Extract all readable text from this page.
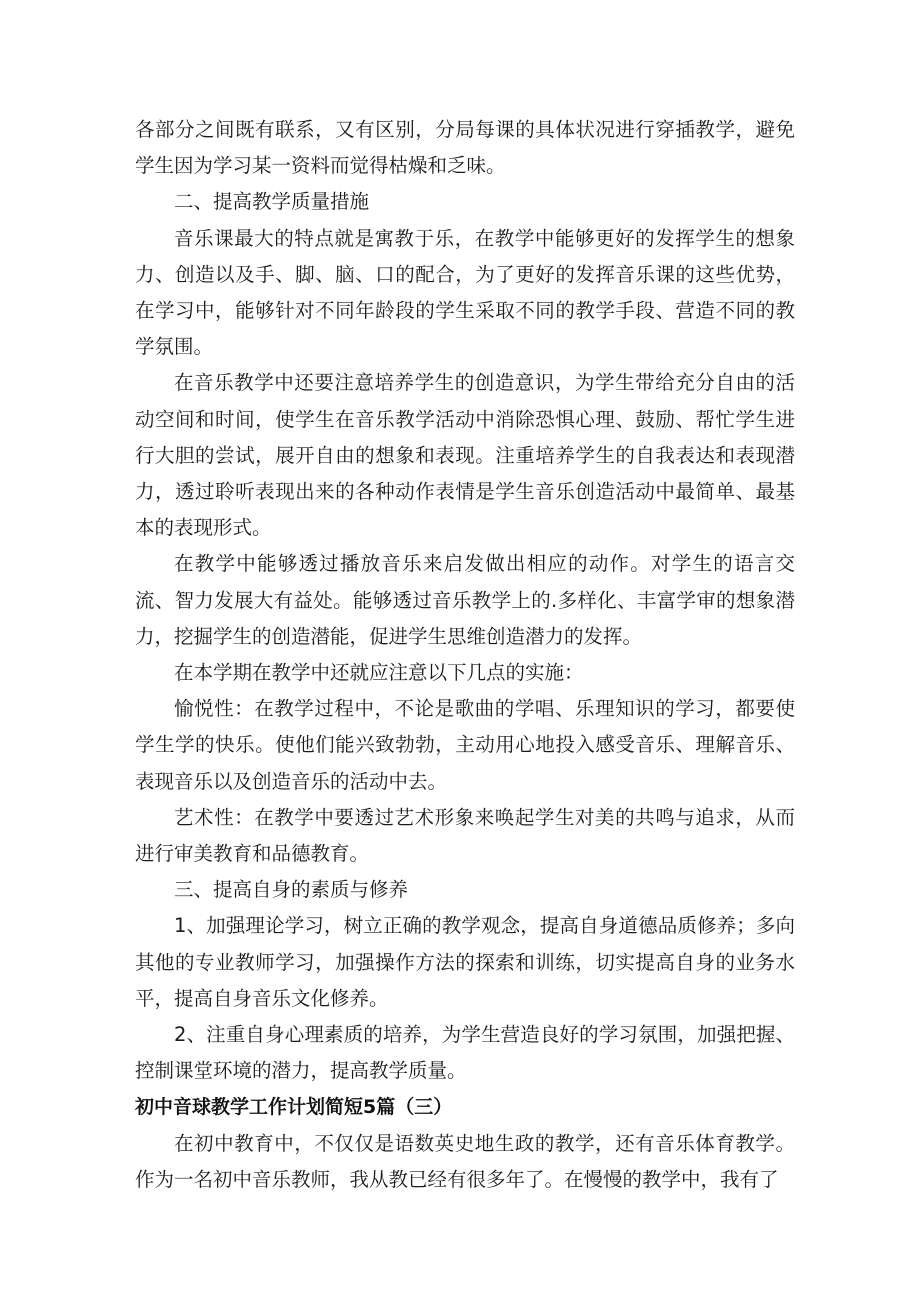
各部分之间既有联系，又有区别，分局每课的具体状况进行穿插教学，避免学生因为学习某一资料而觉得枯燥和乏味。

二、提高教学质量措施

音乐课最大的特点就是寓教于乐，在教学中能够更好的发挥学生的想象力、创造以及手、脚、脑、口的配合，为了更好的发挥音乐课的这些优势，在学习中，能够针对不同年龄段的学生采取不同的教学手段、营造不同的教学氛围。

在音乐教学中还要注意培养学生的创造意识，为学生带给充分自由的活动空间和时间，使学生在音乐教学活动中消除恐惧心理、鼓励、帮忙学生进行大胆的尝试，展开自由的想象和表现。注重培养学生的自我表达和表现潜力，透过聆听表现出来的各种动作表情是学生音乐创造活动中最简单、最基本的表现形式。

在教学中能够透过播放音乐来启发做出相应的动作。对学生的语言交流、智力发展大有益处。能够透过音乐教学上的.多样化、丰富学审的想象潜力，挖掘学生的创造潜能，促进学生思维创造潜力的发挥。

在本学期在教学中还就应注意以下几点的实施：

愉悦性：在教学过程中，不论是歌曲的学唱、乐理知识的学习，都要使学生学的快乐。使他们能兴致勃勃，主动用心地投入感受音乐、理解音乐、表现音乐以及创造音乐的活动中去。

艺术性：在教学中要透过艺术形象来唤起学生对美的共鸣与追求，从而进行审美教育和品德教育。

三、提高自身的素质与修养

1、加强理论学习，树立正确的教学观念，提高自身道德品质修养；多向其他的专业教师学习，加强操作方法的探索和训练，切实提高自身的业务水平，提高自身音乐文化修养。

2、注重自身心理素质的培养，为学生营造良好的学习氛围，加强把握、控制课堂环境的潜力，提高教学质量。

初中音球教学工作计划简短5篇（三）

在初中教育中，不仅仅是语数英史地生政的教学，还有音乐体育教学。作为一名初中音乐教师，我从教已经有很多年了。在慢慢的教学中，我有了
